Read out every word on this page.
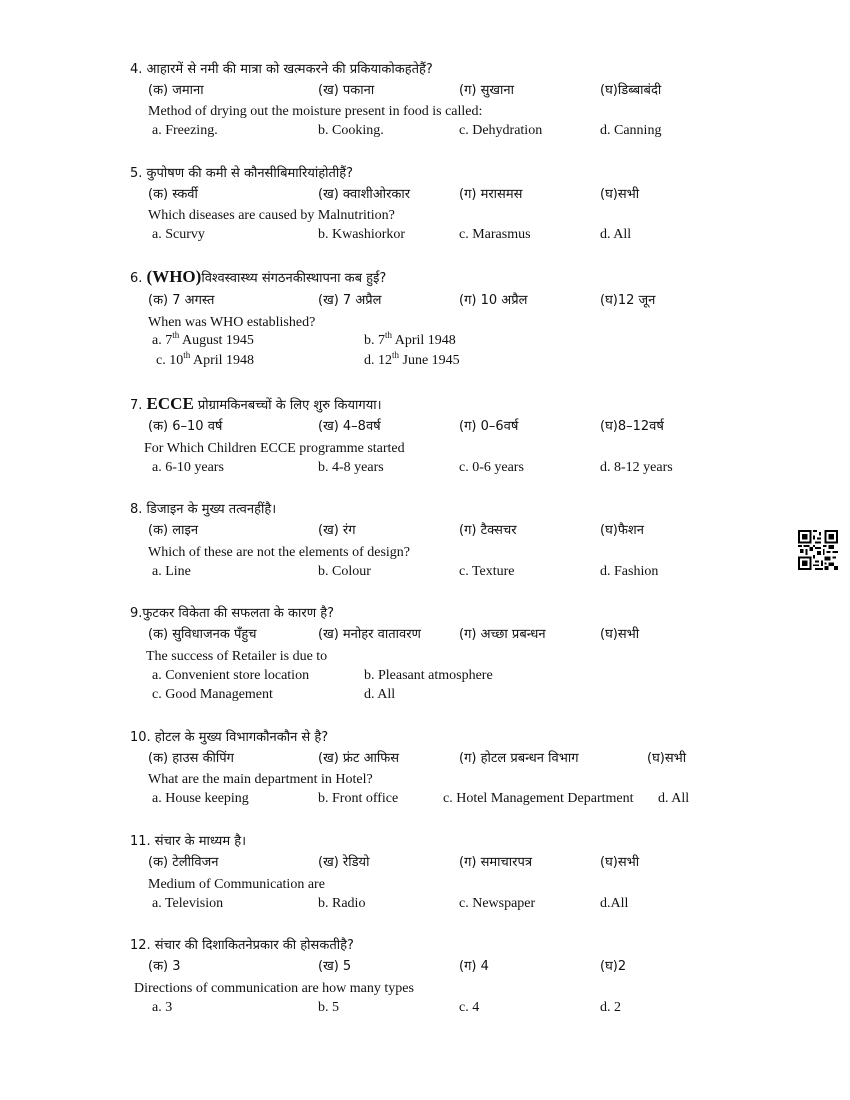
4. आहारमें से नमी की मात्रा को खत्मकरने की प्रकियाकोकहतेहैं?
(क) जमाना	(ख) पकाना	(ग) सुखाना	(घ)डिब्बाबंदी
Method of drying out the moisture present in food is called:
a. Freezing.	b. Cooking.	c. Dehydration	d. Canning
5. कुपोषण की कमी से कौनसीबिमारियांहोतीहैं?
(क) स्कर्वी	(ख) क्वाशीओरकार	(ग) मरासमस	(घ)सभी
Which diseases are caused by Malnutrition?
a. Scurvy	b. Kwashiorkor	c. Marasmus	d. All
6. (WHO)विश्वस्वास्थ्य संगठनकीस्थापना कब हुई?
(क) 7 अगस्त	(ख) 7 अप्रैल	(ग) 10 अप्रैल	(घ)12 जून
When was WHO established?
a. 7th August 1945	b. 7th April 1948
c. 10th April 1948	d. 12th June 1945
7. ECCE प्रोग्रामकिनबच्चों के लिए शुरु कियागया।
(क) 6–10 वर्ष	(ख) 4–8वर्ष	(ग) 0–6वर्ष	(घ)8–12वर्ष
For Which Children ECCE programme started
a. 6-10 years	b. 4-8 years	c. 0-6 years	d. 8-12 years
8. डिजाइन के मुख्य तत्वनहींहै।
(क) लाइन	(ख) रंग	(ग) टैक्सचर	(घ)फैशन
Which of these are not the elements of design?
a. Line	b. Colour	c. Texture	d. Fashion
9.फुटकर विकेता की सफलता के कारण है?
(क) सुविधाजनक पँहुच	(ख) मनोहर वातावरण	(ग) अच्छा प्रबन्धन	(घ)सभी
The success of Retailer is due to
a. Convenient store location	b. Pleasant atmosphere
c. Good Management	d. All
10. होटल के मुख्य विभागकौनकौन से है?
(क) हाउस कीपिंग	(ख) फ्रंट आफिस	(ग) होटल प्रबन्धन विभाग	(घ)सभी
What are the main department in Hotel?
a. House keeping	b. Front office	c. Hotel Management Department d. All
11. संचार के माध्यम है।
(क) टेलीविजन	(ख) रेडियो	(ग) समाचारपत्र	(घ)सभी
Medium of Communication are
a. Television	b. Radio	c. Newspaper	d.All
12. संचार की दिशाकितनेप्रकार की होसकतीहै?
(क) 3	(ख) 5	(ग) 4	(घ)2
Directions of communication are how many types
a. 3	b. 5	c. 4	d. 2
